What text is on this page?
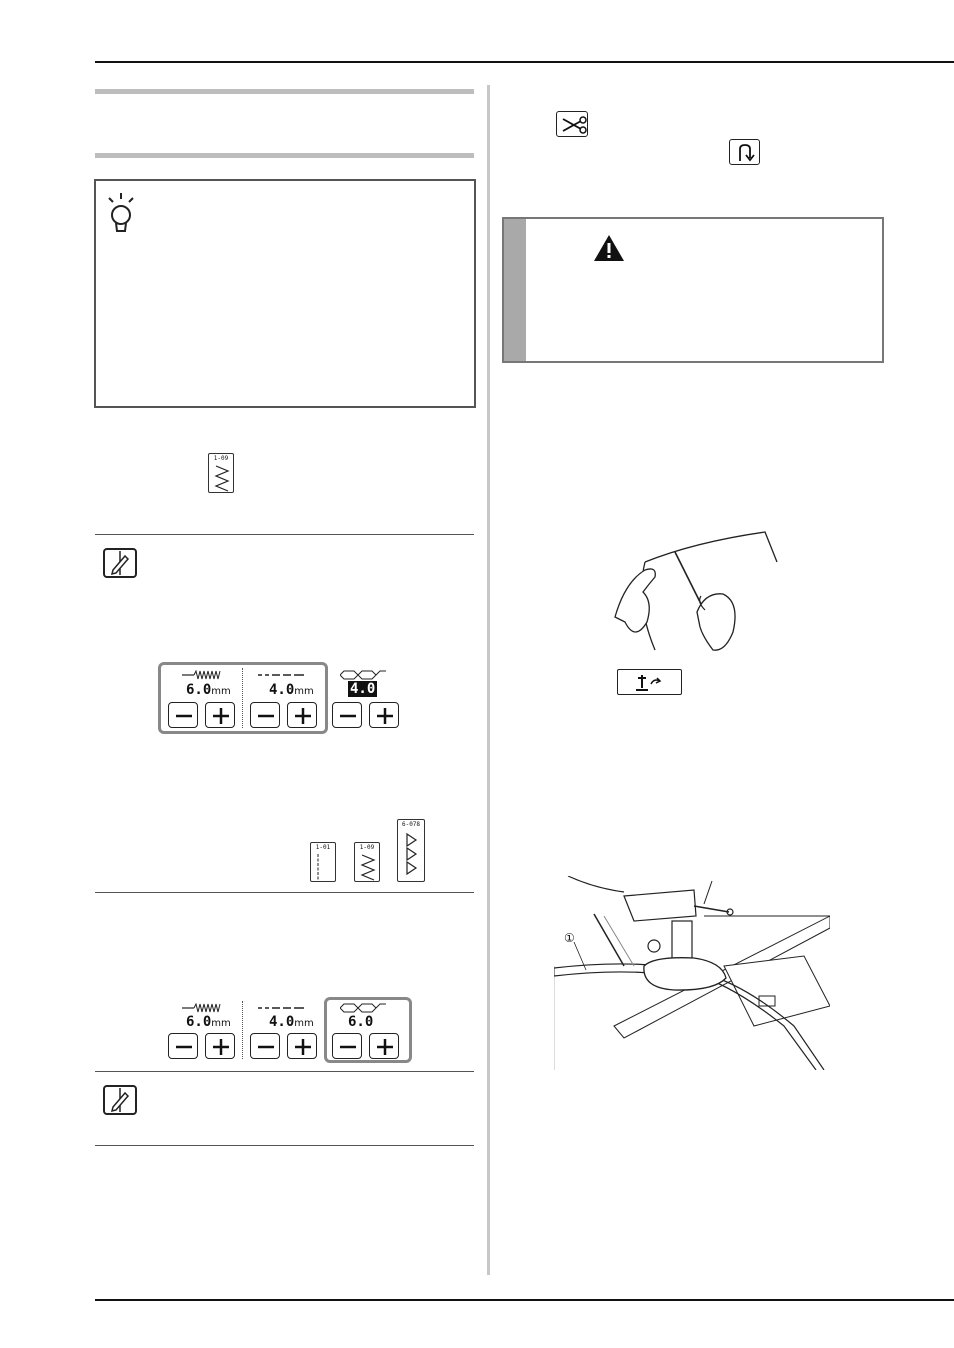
1-09
6.0mm	4.0mm	4.0
1-01	1-09
6-078
6.0mm	4.0mm 6.0
①
